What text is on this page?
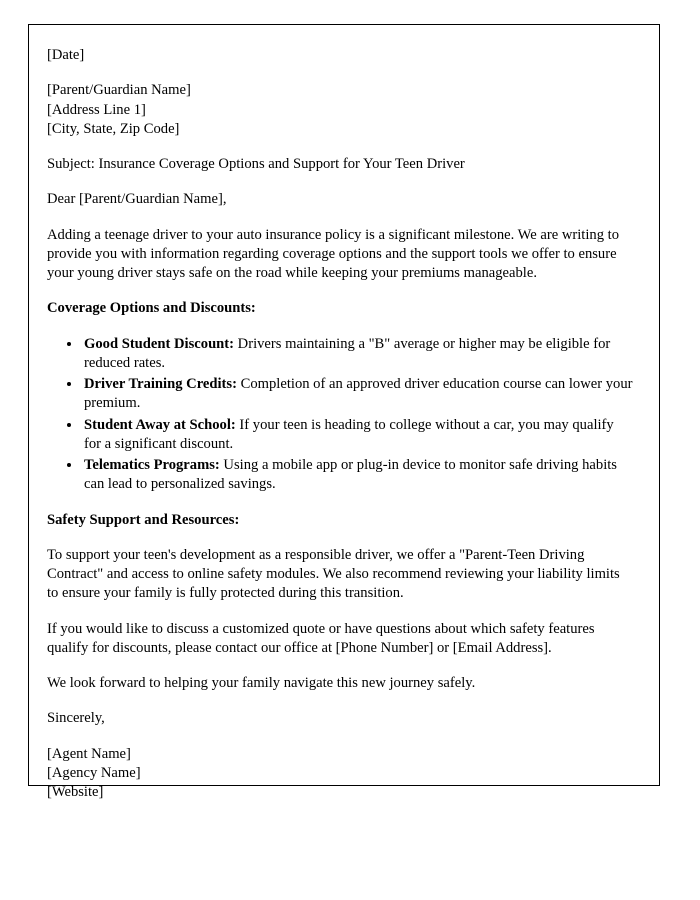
[Date]

[Parent/Guardian Name]
[Address Line 1]
[City, State, Zip Code]

Subject: Insurance Coverage Options and Support for Your Teen Driver

Dear [Parent/Guardian Name],

Adding a teenage driver to your auto insurance policy is a significant milestone. We are writing to provide you with information regarding coverage options and the support tools we offer to ensure your young driver stays safe on the road while keeping your premiums manageable.

Coverage Options and Discounts:

• Good Student Discount: Drivers maintaining a "B" average or higher may be eligible for reduced rates.
• Driver Training Credits: Completion of an approved driver education course can lower your premium.
• Student Away at School: If your teen is heading to college without a car, you may qualify for a significant discount.
• Telematics Programs: Using a mobile app or plug-in device to monitor safe driving habits can lead to personalized savings.

Safety Support and Resources:

To support your teen's development as a responsible driver, we offer a "Parent-Teen Driving Contract" and access to online safety modules. We also recommend reviewing your liability limits to ensure your family is fully protected during this transition.

If you would like to discuss a customized quote or have questions about which safety features qualify for discounts, please contact our office at [Phone Number] or [Email Address].

We look forward to helping your family navigate this new journey safely.

Sincerely,

[Agent Name]
[Agency Name]
[Website]
